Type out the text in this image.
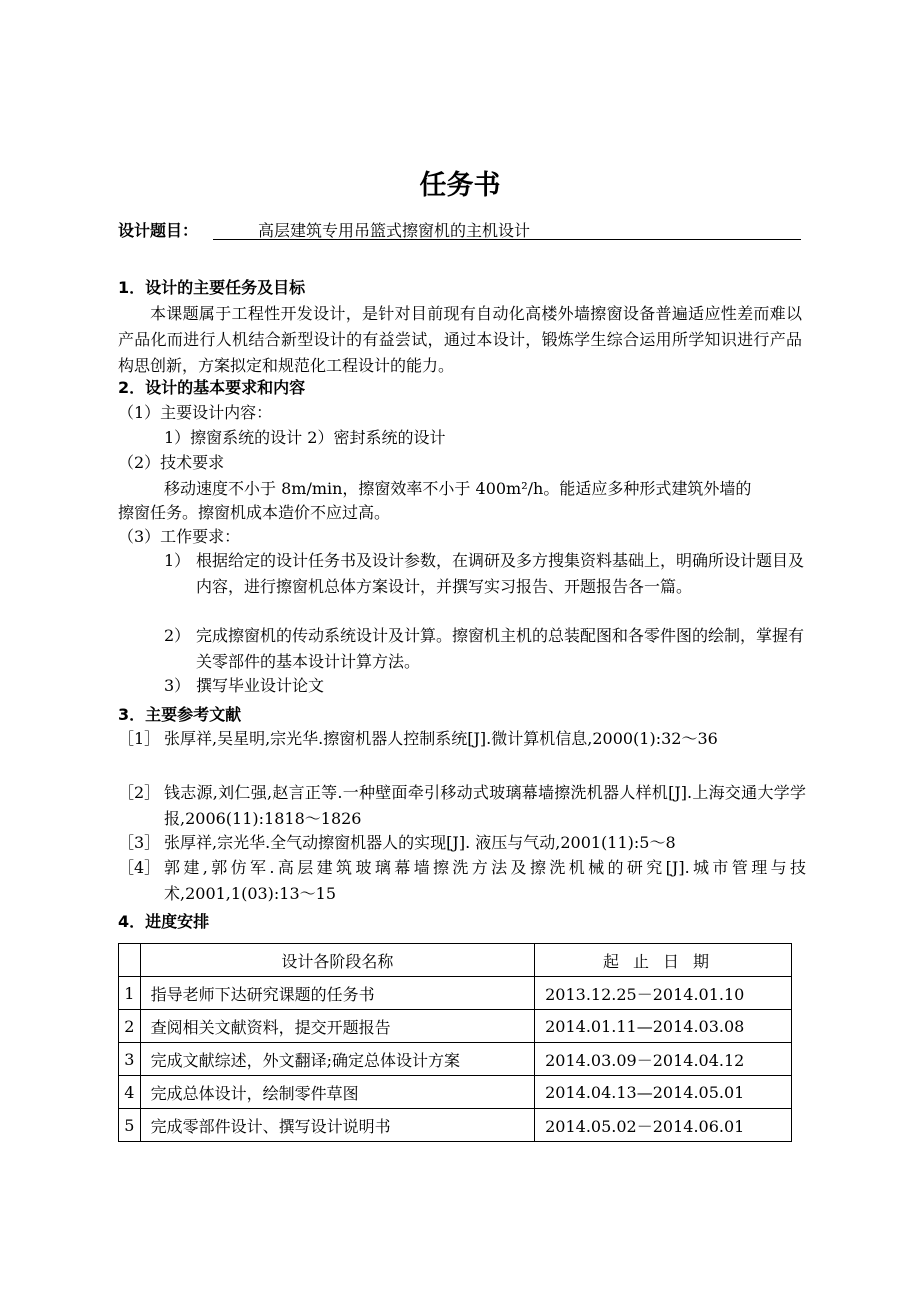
任务书
设计题目：	高层建筑专用吊篮式擦窗机的主机设计
1．设计的主要任务及目标
本课题属于工程性开发设计，是针对目前现有自动化高楼外墙擦窗设备普遍适应性差而难以产品化而进行人机结合新型设计的有益尝试，通过本设计，锻炼学生综合运用所学知识进行产品构思创新，方案拟定和规范化工程设计的能力。
2．设计的基本要求和内容
（1）主要设计内容：
1）擦窗系统的设计 2）密封系统的设计
（2）技术要求
移动速度不小于 8m/min，擦窗效率不小于 400m²/h。能适应多种形式建筑外墙的
擦窗任务。擦窗机成本造价不应过高。
（3）工作要求：
1） 根据给定的设计任务书及设计参数，在调研及多方搜集资料基础上，明确所设计题目及内容，进行擦窗机总体方案设计，并撰写实习报告、开题报告各一篇。
2） 完成擦窗机的传动系统设计及计算。擦窗机主机的总装配图和各零件图的绘制，掌握有关零部件的基本设计计算方法。
3） 撰写毕业设计论文
3．主要参考文献
［1］ 张厚祥,吴星明,宗光华.擦窗机器人控制系统[J].微计算机信息,2000(1):32～36
［2］ 钱志源,刘仁强,赵言正等.一种壁面牵引移动式玻璃幕墙擦洗机器人样机[J].上海交通大学学报,2006(11):1818～1826
［3］ 张厚祥,宗光华.全气动擦窗机器人的实现[J]. 液压与气动,2001(11):5～8
［4］ 郭建,郭仿军.高层建筑玻璃幕墙擦洗方法及擦洗机械的研究[J].城市管理与技术,2001,1(03):13～15
4．进度安排
	设计各阶段名称	起止日期
1	指导老师下达研究课题的任务书	2013.12.25－2014.01.10
2	查阅相关文献资料，提交开题报告	2014.01.11—2014.03.08
3	完成文献综述，外文翻译;确定总体设计方案	2014.03.09－2014.04.12
4	完成总体设计，绘制零件草图	2014.04.13—2014.05.01
5	完成零部件设计、撰写设计说明书	2014.05.02－2014.06.01
